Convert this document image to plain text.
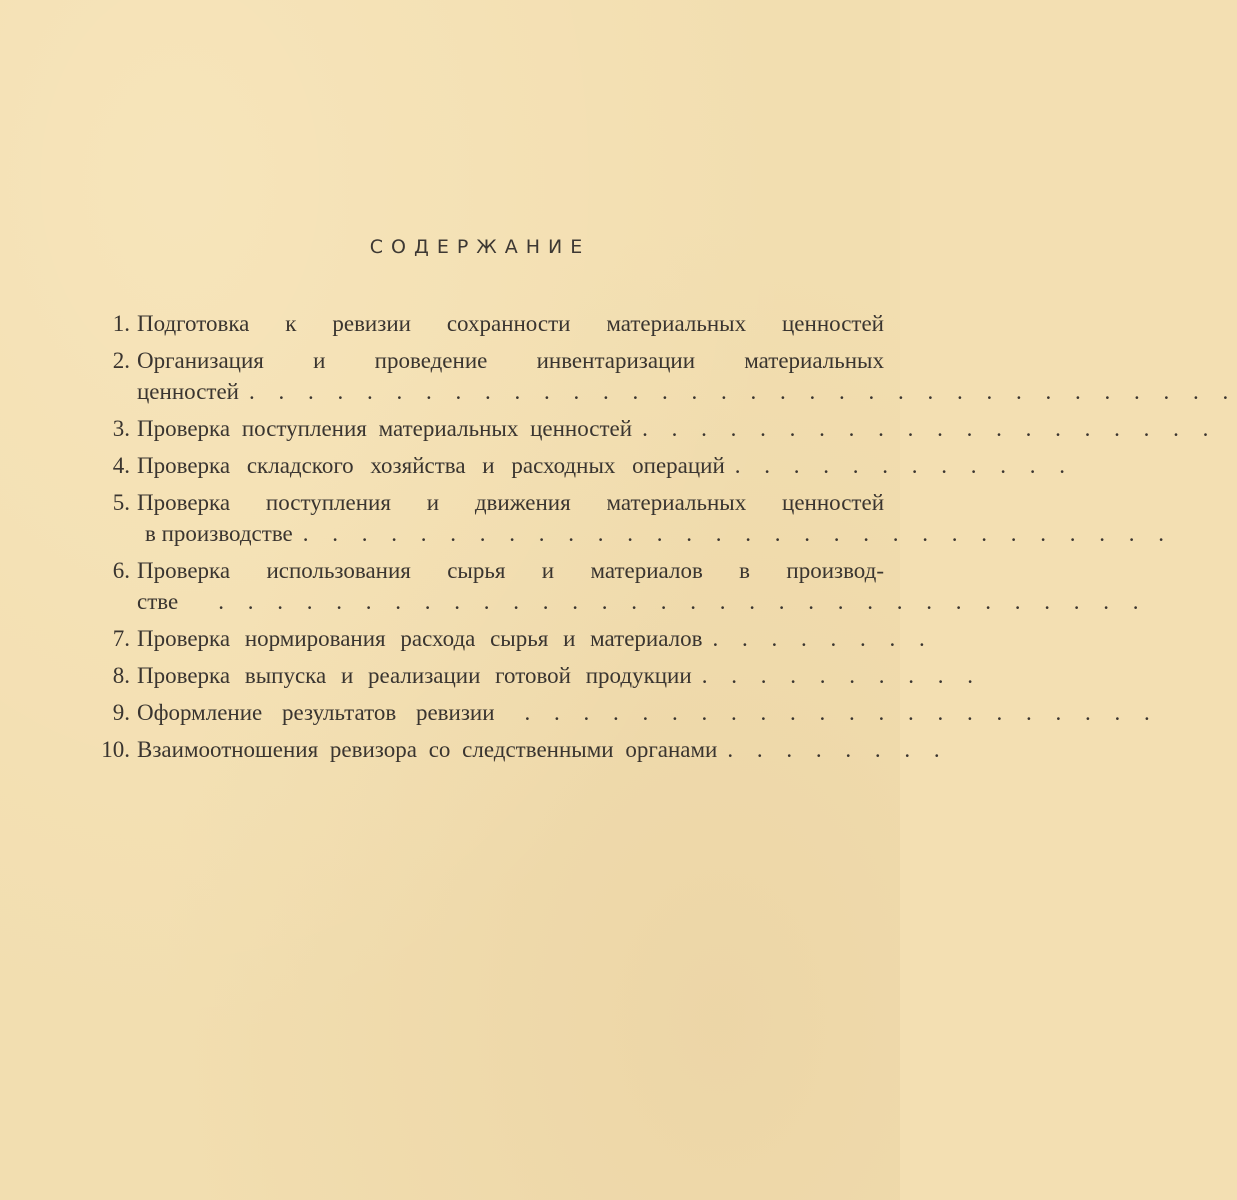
СОДЕРЖАНИЕ
1. Подготовка к ревизии сохранности материальных ценностей
2. Организация и проведение инвентаризации материальных
ценностей . . . . . . . . . . . . . . . . . . . . . . . . . . . . . . . . . .
3. Проверка поступления материальных ценностей . . . . . . . . . . . . . . . . . . . .
4. Проверка складского хозяйства и расходных операций . . . . . . . . . . . .
5. Проверка поступления и движения материальных ценностей
в производстве . . . . . . . . . . . . . . . . . . . . . . . . . . . . . .
6. Проверка использования сырья и материалов в производ-
стве	. . . . . . . . . . . . . . . . . . . . . . . . . . . . . . . .
7. Проверка нормирования расхода сырья и материалов . . . . . . . .
8. Проверка выпуска и реализации готовой продукции . . . . . . . . . .
9. Оформление результатов ревизии	. . . . . . . . . . . . . . . . . . . . . .
10. Взаимоотношения ревизора со следственными органами . . . . . . . .
